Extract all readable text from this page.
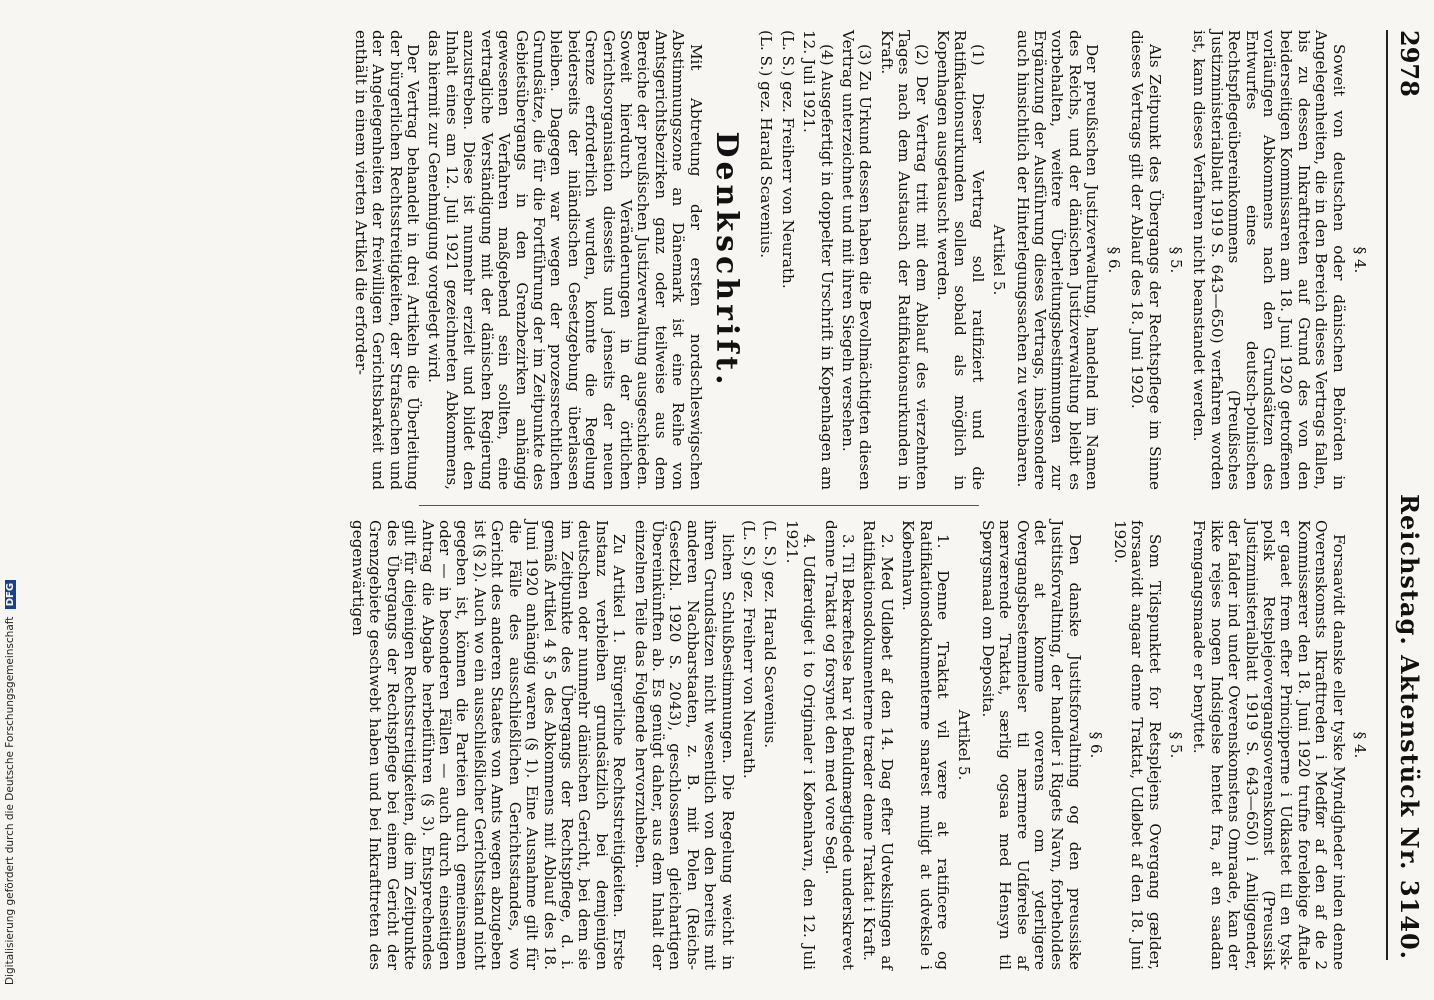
2978
Reichstag. Aktenstück Nr. 3140.
§ 4.

Soweit von deutschen oder dänischen Behörden in Angelegenheiten, die in den Bereich dieses Vertrags fallen, bis zu dessen Inkrafttreten auf Grund des von den beiderseitigen Kommissaren am 18. Juni 1920 getroffenen vorläufigen Abkommens nach den Grundsätzen des Entwurfes eines deutsch-polnischen Rechtspflegeübereinkommens (Preußisches Justizministerialblatt 1919 S. 643—650) verfahren worden ist, kann dieses Verfahren nicht beanstandet werden.

§ 5.

Als Zeitpunkt des Übergangs der Rechtspflege im Sinne dieses Vertrags gilt der Ablauf des 18. Juni 1920.

§ 6.

Der preußischen Justizverwaltung, handelnd im Namen des Reichs, und der dänischen Justizverwaltung bleibt es vorbehalten, weitere Überleitungsbestimmungen zur Ergänzung der Ausführung dieses Vertrags, insbesondere auch hinsichtlich der Hinterlegungssachen zu vereinbaren.

Artikel 5.

(1) Dieser Vertrag soll ratifiziert und die Ratifikationsurkunden sollen sobald als möglich in Kopenhagen ausgetauscht werden.

(2) Der Vertrag tritt mit dem Ablauf des vierzehnten Tages nach dem Austausch der Ratifikationsurkunden in Kraft.

(3) Zu Urkund dessen haben die Bevollmächtigten diesen Vertrag unterzeichnet und mit ihren Siegeln versehen.

(4) Ausgefertigt in doppelter Urschrift in Kopenhagen am 12. Juli 1921.

(L. S.) gez. Freiherr von Neurath.

(L. S.) gez. Harald Scavenius.

Denkschrift.

Mit Abtretung der ersten nordschleswigschen Abstimmungszone an Dänemark ist eine Reihe von Amtsgerichtsbezirken ganz oder teilweise aus dem Bereiche der preußischen Justizverwaltung ausgeschieden. Soweit hierdurch Veränderungen in der örtlichen Gerichtsorganisation diesseits und jenseits der neuen Grenze erforderlich wurden, konnte die Regelung beiderseits der inländischen Gesetzgebung überlassen bleiben. Dagegen war wegen der prozessrechtlichen Grundsätze, die für die Fortführung der im Zeitpunkte des Gebietsübergangs in den Grenzbezirken anhängig gewesenen Verfahren maßgebend sein sollten, eine vertragliche Verständigung mit der dänischen Regierung anzustreben. Diese ist nunmehr erzielt und bildet den Inhalt eines am 12. Juli 1921 gezeichneten Abkommens, das hiermit zur Genehmigung vorgelegt wird.

Der Vertrag behandelt in drei Artikeln die Überleitung der bürgerlichen Rechtsstreitigkeiten, der Strafsachen und der Angelegenheiten der freiwilligen Gerichtsbarkeit und enthält in einem vierten Artikel die erforder-

§ 4.

Forsaavidt danske eller tyske Myndigheder inden denne Overenskomsts Ikrafttreden i Medfør af den af de 2 Kommissærer den 18. Juni 1920 trufne foreløbige Aftale er gaaet frem efter Principperne i Udkastet til en tysk-polsk Retsplejeovergangsoverenskomst (Preussisk Justizministerialblatt 1919 S. 643—650) i Anliggender, der falder ind under Overenskomstens Omraade, kan der ikke rejses nogen Indsigelse hentet fra, at en saadan Fremgangsmaade er benyttet.

§ 5.

Som Tidspunktet for Retsplejens Overgang gælder, forsaavidt angaar denne Traktat, Udløbet af den 18. Juni 1920.

§ 6.

Den danske Justitsforvaltning og den preussiske Justitsforvaltning, der handler i Rigets Navn, forbeholdes det at komme overens om yderligere Overgangsbestemmelser til nærmere Udførelse af nærværende Traktat, særlig ogsaa med Hensyn til Spørgsmaal om Deposita.

Artikel 5.

1. Denne Traktat vil være at ratificere og Ratifikationsdokumenterne snarest muligt at udveksle i København.

2. Med Udløbet af den 14. Dag efter Udvekslingen af Ratifikationsdokumenterne træder denne Traktat i Kraft.

3. Til Bekræftelse har vi Befuldmægtigede underskrevet denne Traktat og forsynet den med vore Segl.

4. Udfærdiget i to Originaler i København, den 12. Juli 1921.

(L. S.) gez. Harald Scavenius.

(L. S.) gez. Freiherr von Neurath.

lichen Schlußbestimmungen. Die Regelung weicht in ihren Grundsätzen nicht wesentlich von den bereits mit anderen Nachbarstaaten, z. B. mit Polen (Reichs-Gesetzbl. 1920 S. 2043), geschlossenen gleichartigen Übereinkünften ab. Es genügt daher, aus dem Inhalt der einzelnen Teile das Folgende hervorzuheben.

Zu Artikel 1. Bürgerliche Rechtsstreitigkeiten. Erste Instanz verbleiben grundsätzlich bei demjenigen deutschen oder nunmehr dänischen Gericht, bei dem sie im Zeitpunkte des Übergangs der Rechtspflege, d. i. gemäß Artikel 4 § 5 des Abkommens mit Ablauf des 18. Juni 1920 anhängig waren (§ 1). Eine Ausnahme gilt für die Fälle des ausschließlichen Gerichtsstandes, wo Gericht des anderen Staates von Amts wegen abzugeben ist (§ 2). Auch wo ein ausschließlicher Gerichtsstand nicht gegeben ist, können die Parteien durch gemeinsamen oder — in besonderen Fällen — auch durch einseitigen Antrag die Abgabe herbeiführen (§ 3). Entsprechendes gilt für diejenigen Rechtsstreitigkeiten, die im Zeitpunkte des Übergangs der Rechtspflege bei einem Gericht der Grenzgebiete geschwebt haben und bei Inkrafttreten des gegenwärtigen

Digitalisierung gefördert durch die Deutsche Forschungsgemeinschaft DFG
